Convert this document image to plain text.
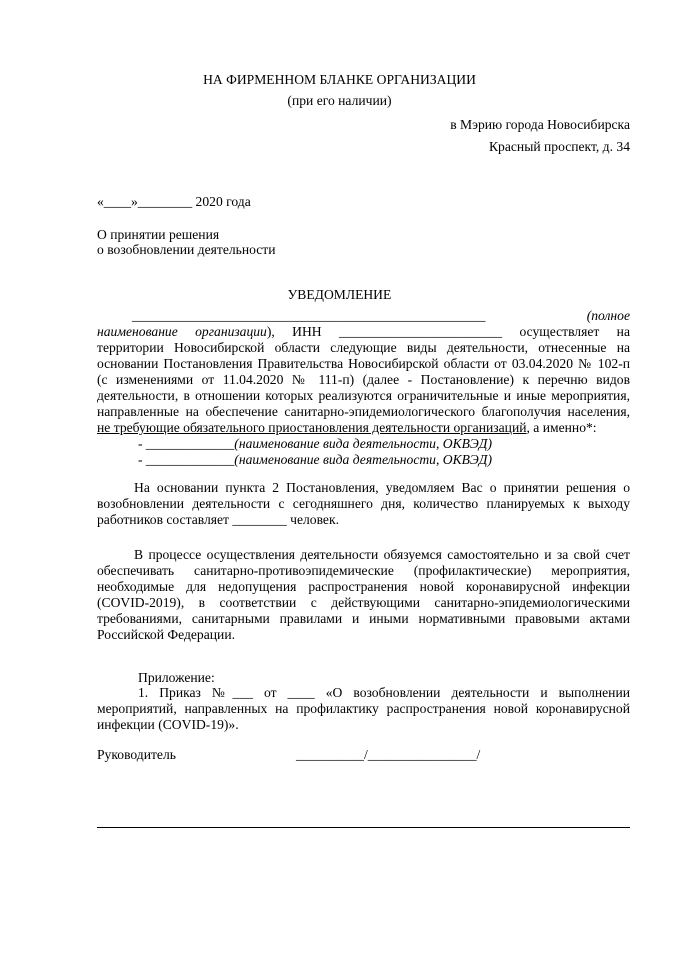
НА ФИРМЕННОМ БЛАНКЕ ОРГАНИЗАЦИИ
(при его наличии)
в Мэрию города Новосибирска
Красный проспект, д. 34
«____»________ 2020 года
О принятии решения
о возобновлении деятельности
УВЕДОМЛЕНИЕ
____________________________________________________	(полное
наименование организации), ИНН ________________________ осуществляет на
территории Новосибирской области следующие виды деятельности, отнесенные на
основании Постановления Правительства Новосибирской области от 03.04.2020 № 102-п
(с изменениями от 11.04.2020 № 111-п) (далее - Постановление) к перечню видов
деятельности, в отношении которых реализуются ограничительные и иные мероприятия,
направленные на обеспечение санитарно-эпидемиологического благополучия населения,
не требующие обязательного приостановления деятельности организаций, а именно*:
- _____________(наименование вида деятельности, ОКВЭД)
- _____________(наименование вида деятельности, ОКВЭД)
На основании пункта 2 Постановления, уведомляем Вас о принятии решения о
возобновлении деятельности с сегодняшнего дня, количество планируемых к выходу
работников составляет ________ человек.
В процессе осуществления деятельности обязуемся самостоятельно и за свой счет
обеспечивать санитарно-противоэпидемические (профилактические) мероприятия,
необходимые для недопущения распространения новой коронавирусной инфекции
(COVID-2019), в соответствии с действующими санитарно-эпидемиологическими
требованиями, санитарными правилами и иными нормативными правовыми актами
Российской Федерации.
Приложение:
1. Приказ №___ от ____ «О возобновлении деятельности и выполнении
мероприятий, направленных на профилактику распространения новой коронавирусной
инфекции (COVID-19)».
Руководитель	__________/________________/
